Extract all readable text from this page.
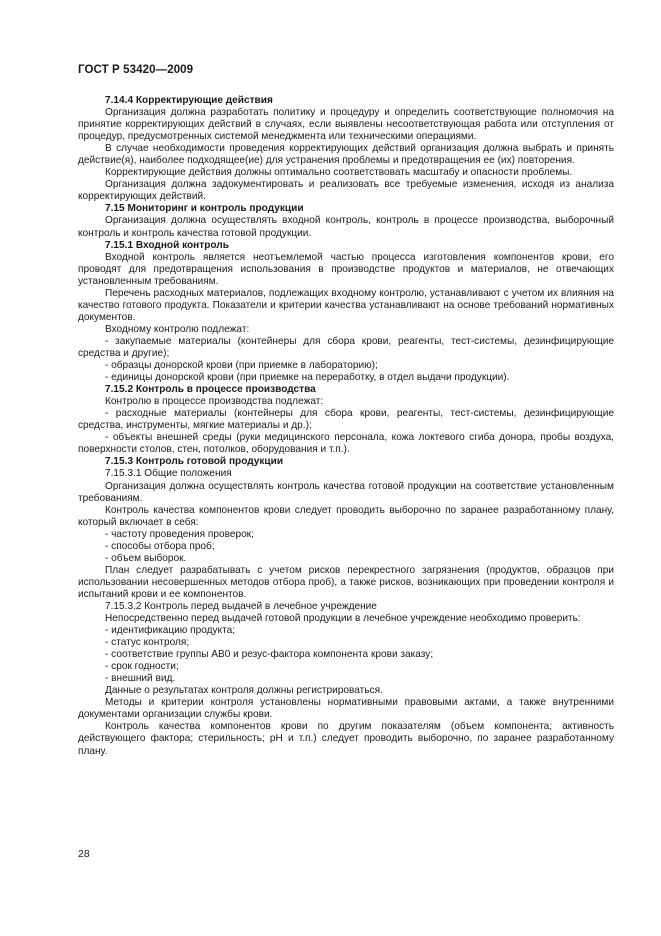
ГОСТ Р 53420—2009

7.14.4 Корректирующие действия

Организация должна разработать политику и процедуру и определить соответствующие полномочия на принятие корректирующих действий в случаях, если выявлены несоответствующая работа или отступления от процедур, предусмотренных системой менеджмента или техническими операциями.

В случае необходимости проведения корректирующих действий организация должна выбрать и принять действие(я), наиболее подходящее(ие) для устранения проблемы и предотвращения ее (их) повторения.

Корректирующие действия должны оптимально соответствовать масштабу и опасности проблемы.

Организация должна задокументировать и реализовать все требуемые изменения, исходя из анализа корректирующих действий.

7.15 Мониторинг и контроль продукции

Организация должна осуществлять входной контроль, контроль в процессе производства, выборочный контроль и контроль качества готовой продукции.

7.15.1 Входной контроль

Входной контроль является неотъемлемой частью процесса изготовления компонентов крови, его проводят для предотвращения использования в производстве продуктов и материалов, не отвечающих установленным требованиям.

Перечень расходных материалов, подлежащих входному контролю, устанавливают с учетом их влияния на качество готового продукта. Показатели и критерии качества устанавливают на основе требований нормативных документов.

Входному контролю подлежат:

- закупаемые материалы (контейнеры для сбора крови, реагенты, тест-системы, дезинфицирующие средства и другие);

- образцы донорской крови (при приемке в лабораторию);

- единицы донорской крови (при приемке на переработку, в отдел выдачи продукции).

7.15.2 Контроль в процессе производства

Контролю в процессе производства подлежат:

- расходные материалы (контейнеры для сбора крови, реагенты, тест-системы, дезинфицирующие средства, инструменты, мягкие материалы и др.);

- объекты внешней среды (руки медицинского персонала, кожа локтевого сгиба донора, пробы воздуха, поверхности столов, стен, потолков, оборудования и т.п.).

7.15.3 Контроль готовой продукции

7.15.3.1 Общие положения

Организация должна осуществлять контроль качества готовой продукции на соответствие установленным требованиям.

Контроль качества компонентов крови следует проводить выборочно по заранее разработанному плану, который включает в себя:

- частоту проведения проверок;

- способы отбора проб;

- объем выборок.

План следует разрабатывать с учетом рисков перекрестного загрязнения (продуктов, образцов при использовании несовершенных методов отбора проб), а также рисков, возникающих при проведении контроля и испытаний крови и ее компонентов.

7.15.3.2 Контроль перед выдачей в лечебное учреждение

Непосредственно перед выдачей готовой продукции в лечебное учреждение необходимо проверить:

- идентификацию продукта;

- статус контроля;

- соответствие группы АВ0 и резус-фактора компонента крови заказу;

- срок годности;

- внешний вид.

Данные о результатах контроля должны регистрироваться.

Методы и критерии контроля установлены нормативными правовыми актами, а также внутренними документами организации службы крови.

Контроль качества компонентов крови по другим показателям (объем компонента; активность действующего фактора; стерильность; pH и т.п.) следует проводить выборочно, по заранее разработанному плану.

28
